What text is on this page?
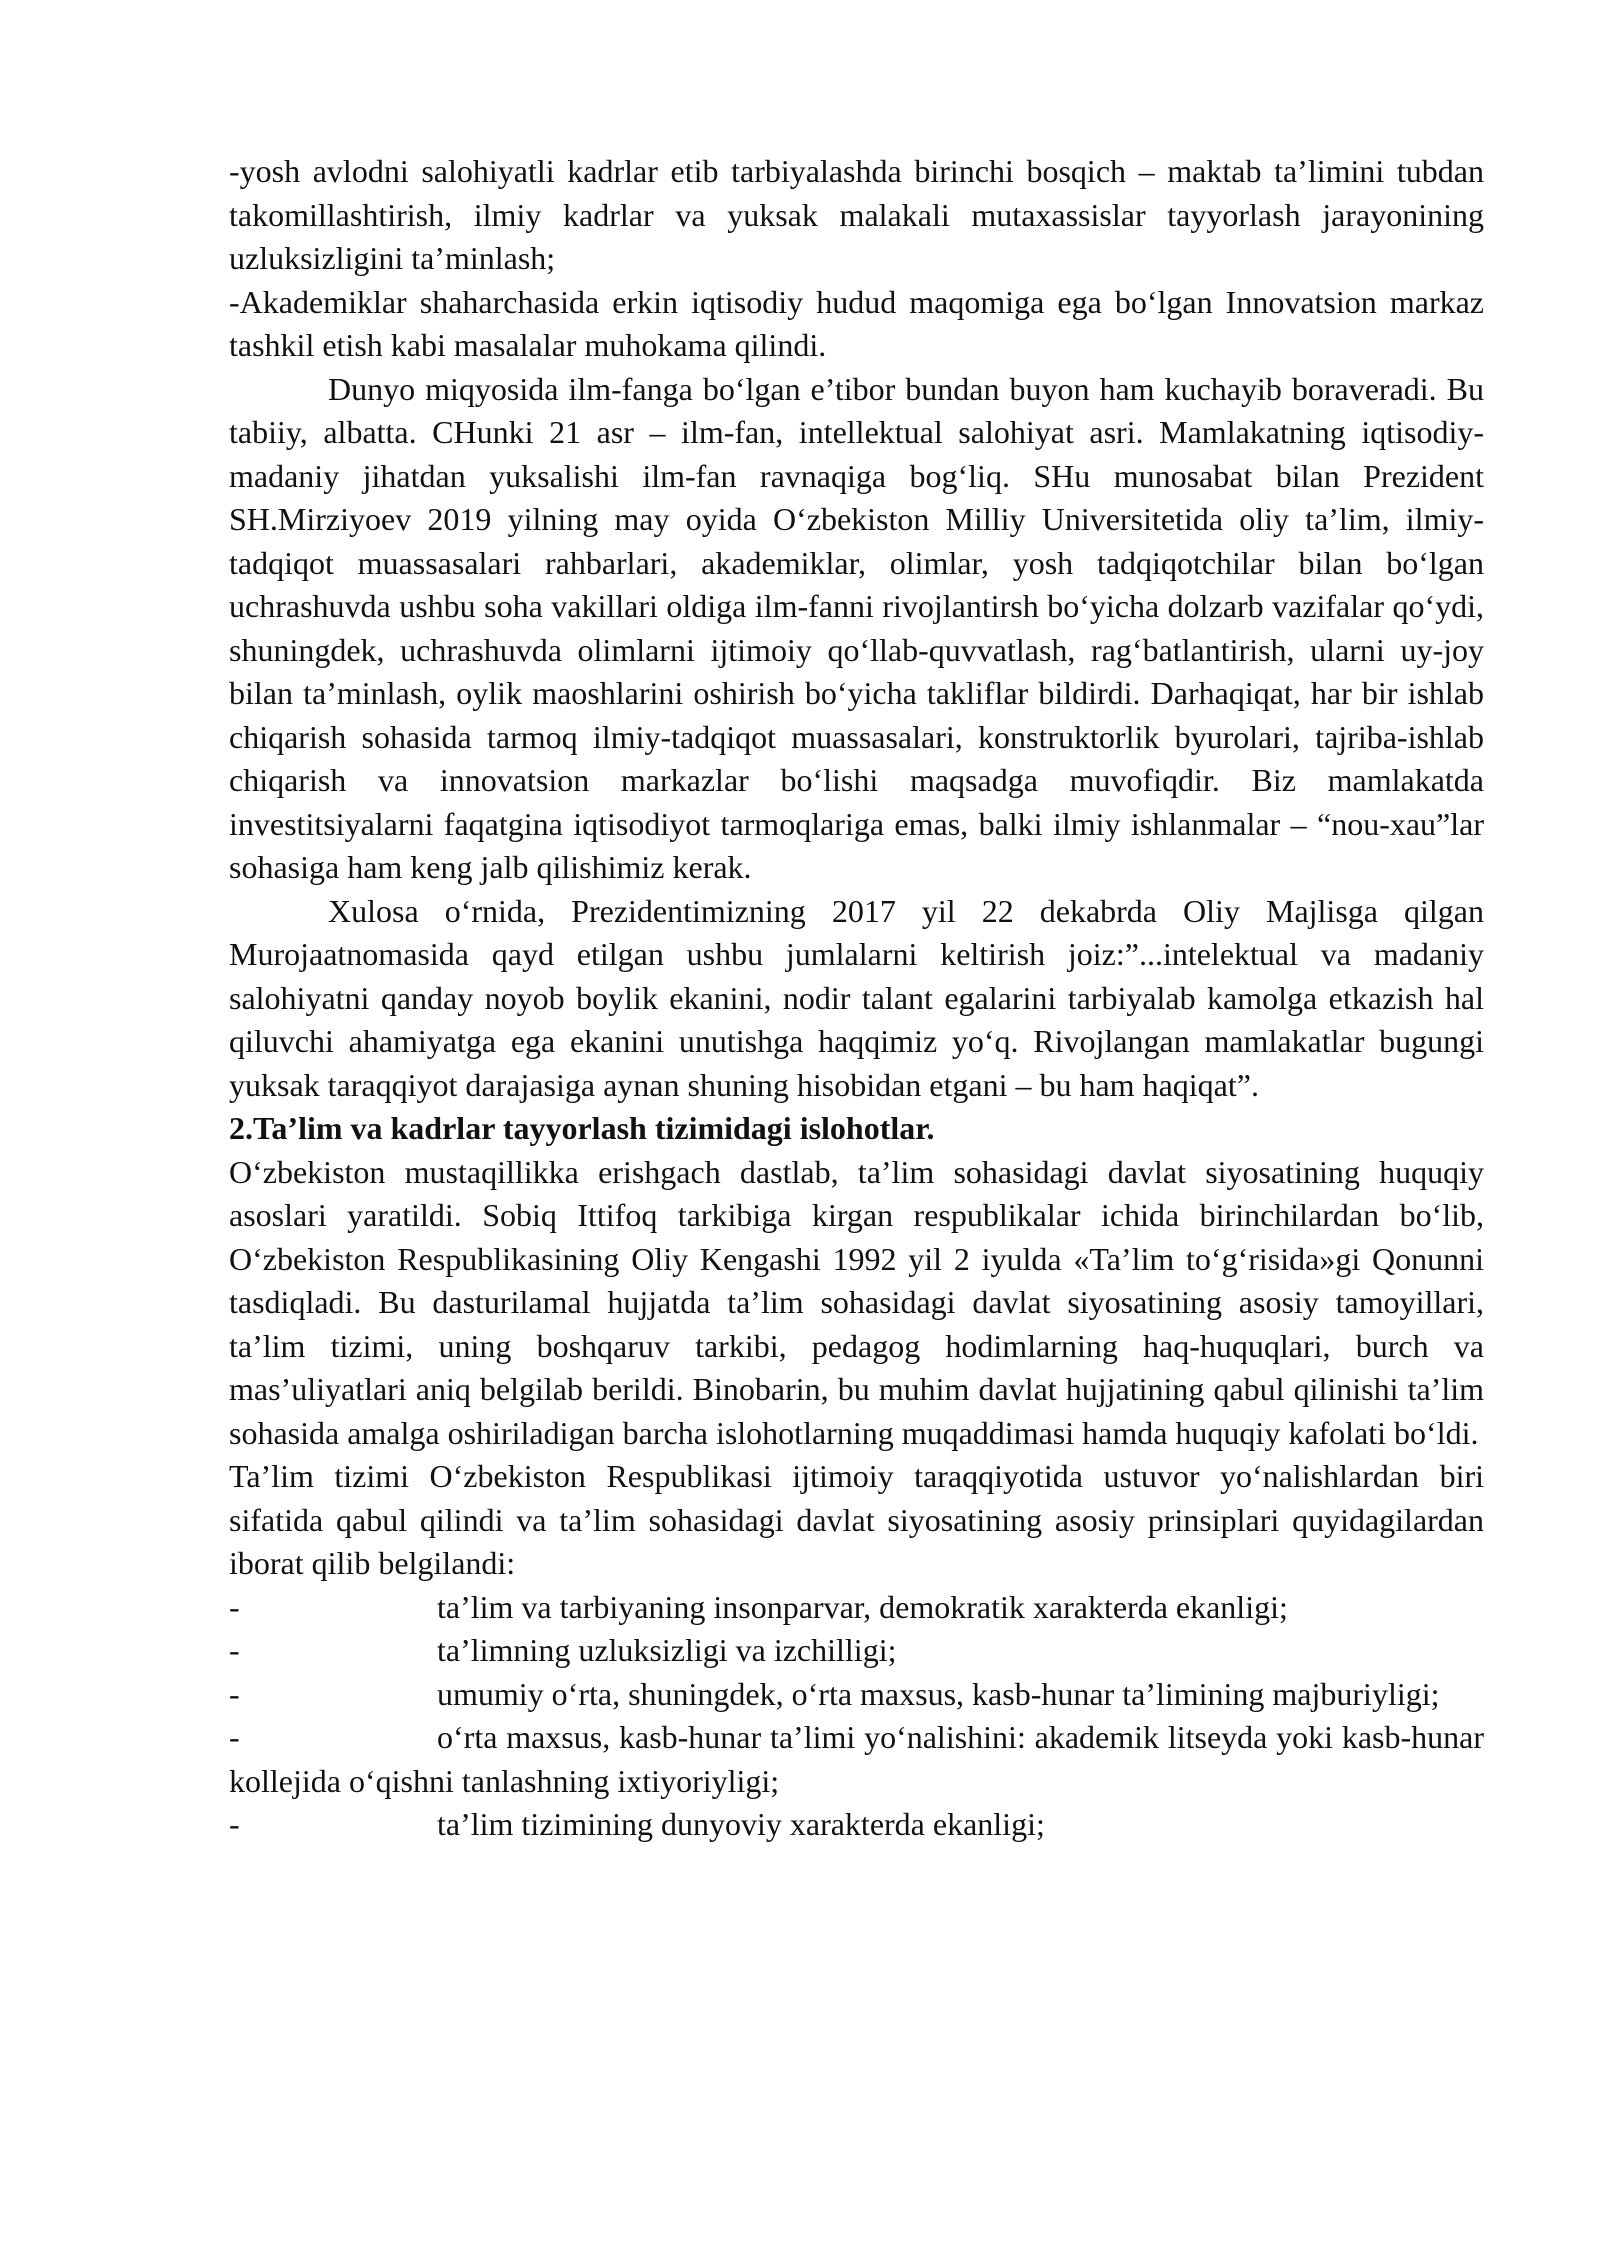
-yosh avlodni salohiyatli kadrlar etib tarbiyalashda birinchi bosqich – maktab ta’limini tubdan takomillashtirish, ilmiy kadrlar va yuksak malakali mutaxassislar tayyorlash jarayonining uzluksizligini ta’minlash;

-Akademiklar shaharchasida erkin iqtisodiy hudud maqomiga ega bo‘lgan Innovatsion markaz tashkil etish kabi masalalar muhokama qilindi.

Dunyo miqyosida ilm-fanga bo‘lgan e’tibor bundan buyon ham kuchayib boraveradi. Bu tabiiy, albatta. CHunki 21 asr – ilm-fan, intellektual salohiyat asri. Mamlakatning iqtisodiy-madaniy jihatdan yuksalishi ilm-fan ravnaqiga bog‘liq. SHu munosabat bilan Prezident SH.Mirziyoev 2019 yilning may oyida O‘zbekiston Milliy Universitetida oliy ta’lim, ilmiy-tadqiqot muassasalari rahbarlari, akademiklar, olimlar, yosh tadqiqotchilar bilan bo‘lgan uchrashuvda ushbu soha vakillari oldiga ilm-fanni rivojlantirsh bo‘yicha dolzarb vazifalar qo‘ydi, shuningdek, uchrashuvda olimlarni ijtimoiy qo‘llab-quvvatlash, rag‘batlantirish, ularni uy-joy bilan ta’minlash, oylik maoshlarini oshirish bo‘yicha takliflar bildirdi. Darhaqiqat, har bir ishlab chiqarish sohasida tarmoq ilmiy-tadqiqot muassasalari, konstruktorlik byurolari, tajriba-ishlab chiqarish va innovatsion markazlar bo‘lishi maqsadga muvofiqdir. Biz mamlakatda investitsiyalarni faqatgina iqtisodiyot tarmoqlariga emas, balki ilmiy ishlanmalar – “nou-xau”lar sohasiga ham keng jalb qilishimiz kerak.

Xulosa o‘rnida, Prezidentimizning 2017 yil 22 dekabrda Oliy Majlisga qilgan Murojaatnomasida qayd etilgan ushbu jumlalarni keltirish joiz:”...intelektual va madaniy salohiyatni qanday noyob boylik ekanini, nodir talant egalarini tarbiyalab kamolga etkazish hal qiluvchi ahamiyatga ega ekanini unutishga haqqimiz yo‘q. Rivojlangan mamlakatlar bugungi yuksak taraqqiyot darajasiga aynan shuning hisobidan etgani – bu ham haqiqat”.

2.Ta’lim va kadrlar tayyorlash tizimidagi islohotlar.

O‘zbekiston mustaqillikka erishgach dastlab, ta’lim sohasidagi davlat siyosatining huquqiy asoslari yaratildi. Sobiq Ittifoq tarkibiga kirgan respublikalar ichida birinchilardan bo‘lib, O‘zbekiston Respublikasining Oliy Kengashi 1992 yil 2 iyulda «Ta’lim to‘g‘risida»gi Qonunni tasdiqladi. Bu dasturilamal hujjatda ta’lim sohasidagi davlat siyosatining asosiy tamoyillari, ta’lim tizimi, uning boshqaruv tarkibi, pedagog hodimlarning haq-huquqlari, burch va mas’uliyatlari aniq belgilab berildi. Binobarin, bu muhim davlat hujjatining qabul qilinishi ta’lim sohasida amalga oshiriladigan barcha islohotlarning muqaddimasi hamda huquqiy kafolati bo‘ldi.

Ta’lim tizimi O‘zbekiston Respublikasi ijtimoiy taraqqiyotida ustuvor yo‘nalishlardan biri sifatida qabul qilindi va ta’lim sohasidagi davlat siyosatining asosiy prinsiplari quyidagilardan iborat qilib belgilandi:

-	ta’lim va tarbiyaning insonparvar, demokratik xarakterda ekanligi;

-	ta’limning uzluksizligi va izchilligi;

-	umumiy o‘rta, shuningdek, o‘rta maxsus, kasb-hunar ta’limining majburiyligi;

-	o‘rta maxsus, kasb-hunar ta’limi yo‘nalishini: akademik litseyda yoki kasb-hunar kollejida o‘qishni tanlashning ixtiyoriyligi;

-	ta’lim tizimining dunyoviy xarakterda ekanligi;
